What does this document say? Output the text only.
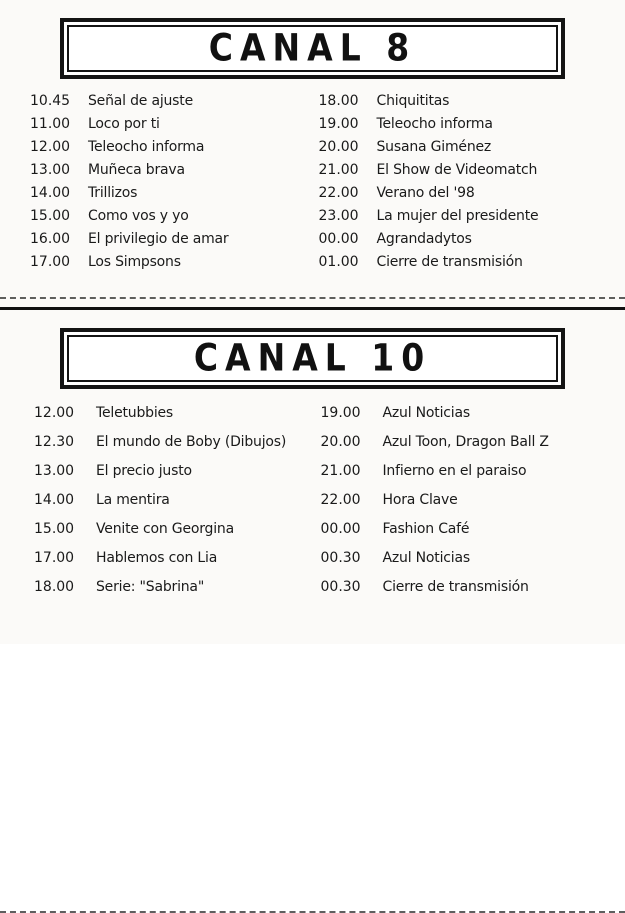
CANAL 8
10.45	Señal de ajuste
11.00	Loco por ti
12.00	Teleocho informa
13.00	Muñeca brava
14.00	Trillizos
15.00	Como vos y yo
16.00	El privilegio de amar
17.00	Los Simpsons
18.00	Chiquititas
19.00	Teleocho informa
20.00	Susana Giménez
21.00	El Show de Videomatch
22.00	Verano del '98
23.00	La mujer del presidente
00.00	Agrandadytos
01.00	Cierre de transmisión
CANAL 10
12.00	Teletubbies
12.30	El mundo de Boby (Dibujos)
13.00	El precio justo
14.00	La mentira
15.00	Venite con Georgina
17.00	Hablemos con Lia
18.00	Serie: "Sabrina"
19.00	Azul Noticias
20.00	Azul Toon, Dragon Ball Z
21.00	Infierno en el paraiso
22.00	Hora Clave
00.00	Fashion Café
00.30	Azul Noticias
00.30	Cierre de transmisión
